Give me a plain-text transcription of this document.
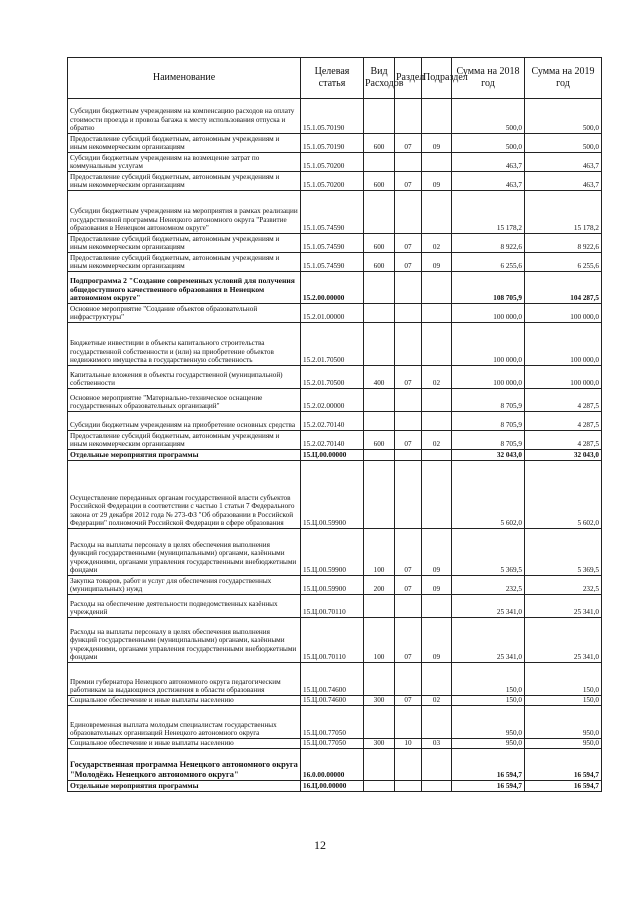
Наименование	Целевая статья	Вид Расходов	Раздел	Подраздел	Сумма на 2018 год	Сумма на 2019 год
Субсидии бюджетным учреждениям на компенсацию расходов на оплату стоимости проезда и провоза багажа к месту использования отпуска и обратно	15.1.05.70190				500,0	500,0
Предоставление субсидий бюджетным, автономным учреждениям и иным некоммерческим организациям	15.1.05.70190	600	07	09	500,0	500,0
Субсидии бюджетным учреждениям на возмещение затрат по коммунальным услугам	15.1.05.70200				463,7	463,7
Предоставление субсидий бюджетным, автономным учреждениям и иным некоммерческим организациям	15.1.05.70200	600	07	09	463,7	463,7
Субсидии бюджетным учреждениям на мероприятия в рамках реализации государственной программы Ненецкого автономного округа "Развитие образования в Ненецком автономном округе"	15.1.05.74590				15 178,2	15 178,2
Предоставление субсидий бюджетным, автономным учреждениям и иным некоммерческим организациям	15.1.05.74590	600	07	02	8 922,6	8 922,6
Предоставление субсидий бюджетным, автономным учреждениям и иным некоммерческим организациям	15.1.05.74590	600	07	09	6 255,6	6 255,6
Подпрограмма 2 "Создание современных условий для получения общедоступного качественного образования в Ненецком автономном округе"	15.2.00.00000				108 705,9	104 287,5
Основное мероприятие "Создание объектов образовательной инфраструктуры"	15.2.01.00000				100 000,0	100 000,0
Бюджетные инвестиции в объекты капитального строительства государственной собственности и (или) на приобретение объектов недвижимого имущества в государственную собственность	15.2.01.70500				100 000,0	100 000,0
Капитальные вложения в объекты государственной (муниципальной) собственности	15.2.01.70500	400	07	02	100 000,0	100 000,0
Основное мероприятие "Материально-техническое оснащение государственных образовательных организаций"	15.2.02.00000				8 705,9	4 287,5
Субсидии бюджетным учреждениям на приобретение основных средства	15.2.02.70140				8 705,9	4 287,5
Предоставление субсидий бюджетным, автономным учреждениям и иным некоммерческим организациям	15.2.02.70140	600	07	02	8 705,9	4 287,5
Отдельные мероприятия программы	15.Ц.00.00000				32 043,0	32 043,0
Осуществление переданных органам государственной власти субъектов Российской Федерации в соответствии с частью 1 статьи 7 Федерального закона от 29 декабря 2012 года № 273-ФЗ "Об образовании в Российской Федерации" полномочий Российской Федерации в сфере образования	15.Ц.00.59900				5 602,0	5 602,0
Расходы на выплаты персоналу в целях обеспечения выполнения функций государственными (муниципальными) органами, казёнными учреждениями, органами управления государственными внебюджетными фондами	15.Ц.00.59900	100	07	09	5 369,5	5 369,5
Закупка товаров, работ и услуг для обеспечения государственных (муниципальных) нужд	15.Ц.00.59900	200	07	09	232,5	232,5
Расходы на обеспечение деятельности подведомственных казённых учреждений	15.Ц.00.70110				25 341,0	25 341,0
Расходы на выплаты персоналу в целях обеспечения выполнения функций государственными (муниципальными) органами, казёнными учреждениями, органами управления государственными внебюджетными фондами	15.Ц.00.70110	100	07	09	25 341,0	25 341,0
Премии губернатора Ненецкого автономного округа педагогическим работникам за выдающиеся достижения в области образования	15.Ц.00.74600				150,0	150,0
Социальное обеспечение и иные выплаты населению	15.Ц.00.74600	300	07	02	150,0	150,0
Единовременная выплата молодым специалистам государственных образовательных организаций Ненецкого автономного округа	15.Ц.00.77050				950,0	950,0
Социальное обеспечение и иные выплаты населению	15.Ц.00.77050	300	10	03	950,0	950,0
Государственная программа Ненецкого автономного округа "Молодёжь Ненецкого автономного округа"	16.0.00.00000				16 594,7	16 594,7
Отдельные мероприятия программы	16.Ц.00.00000				16 594,7	16 594,7
12
